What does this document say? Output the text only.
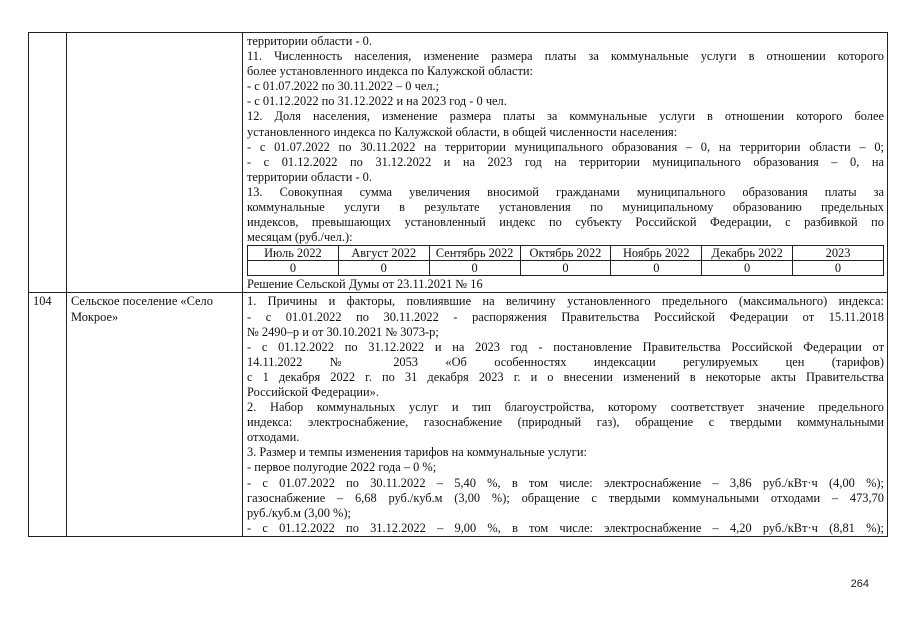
территории области - 0.
11. Численность населения, изменение размера платы за коммунальные услуги в отношении которого
более установленного индекса по Калужской области:
- с 01.07.2022 по 30.11.2022 – 0 чел.;
- с 01.12.2022 по 31.12.2022 и на 2023 год - 0 чел.
12. Доля населения, изменение размера платы за коммунальные услуги в отношении которого более
установленного индекса по Калужской области, в общей численности населения:
- с 01.07.2022 по 30.11.2022 на территории муниципального образования – 0, на территории области – 0;
- с 01.12.2022 по 31.12.2022 и на 2023 год на территории муниципального образования – 0, на
территории области - 0.
13. Совокупная сумма увеличения вносимой гражданами муниципального образования платы за
коммунальные услуги в результате установления по муниципальному образованию предельных
индексов, превышающих установленный индекс по субъекту Российской Федерации, с разбивкой по
месяцам (руб./чел.):
Июль 2022	Август 2022	Сентябрь 2022	Октябрь 2022	Ноябрь 2022	Декабрь 2022	2023
0	0	0	0	0	0	0
Решение Сельской Думы от 23.11.2021 № 16

104	Сельское поселение «Село
Мокрое»

1. Причины и факторы, повлиявшие на величину установленного предельного (максимального) индекса:
- с 01.01.2022 по 30.11.2022 - распоряжения Правительства Российской Федерации от 15.11.2018
№ 2490–р и от 30.10.2021 № 3073-р;
- с 01.12.2022 по 31.12.2022 и на 2023 год - постановление Правительства Российской Федерации от
14.11.2022 № 2053 «Об особенностях индексации регулируемых цен (тарифов)
с 1 декабря 2022 г. по 31 декабря 2023 г. и о внесении изменений в некоторые акты Правительства
Российской Федерации».
2. Набор коммунальных услуг и тип благоустройства, которому соответствует значение предельного
индекса: электроснабжение, газоснабжение (природный газ), обращение с твердыми коммунальными
отходами.
3. Размер и темпы изменения тарифов на коммунальные услуги:
- первое полугодие 2022 года – 0 %;
- с 01.07.2022 по 30.11.2022 – 5,40 %, в том числе: электроснабжение – 3,86 руб./кВт·ч (4,00 %);
газоснабжение – 6,68 руб./куб.м (3,00 %); обращение с твердыми коммунальными отходами – 473,70
руб./куб.м (3,00 %);
- с 01.12.2022 по 31.12.2022 – 9,00 %, в том числе: электроснабжение – 4,20 руб./кВт·ч (8,81 %);
264
